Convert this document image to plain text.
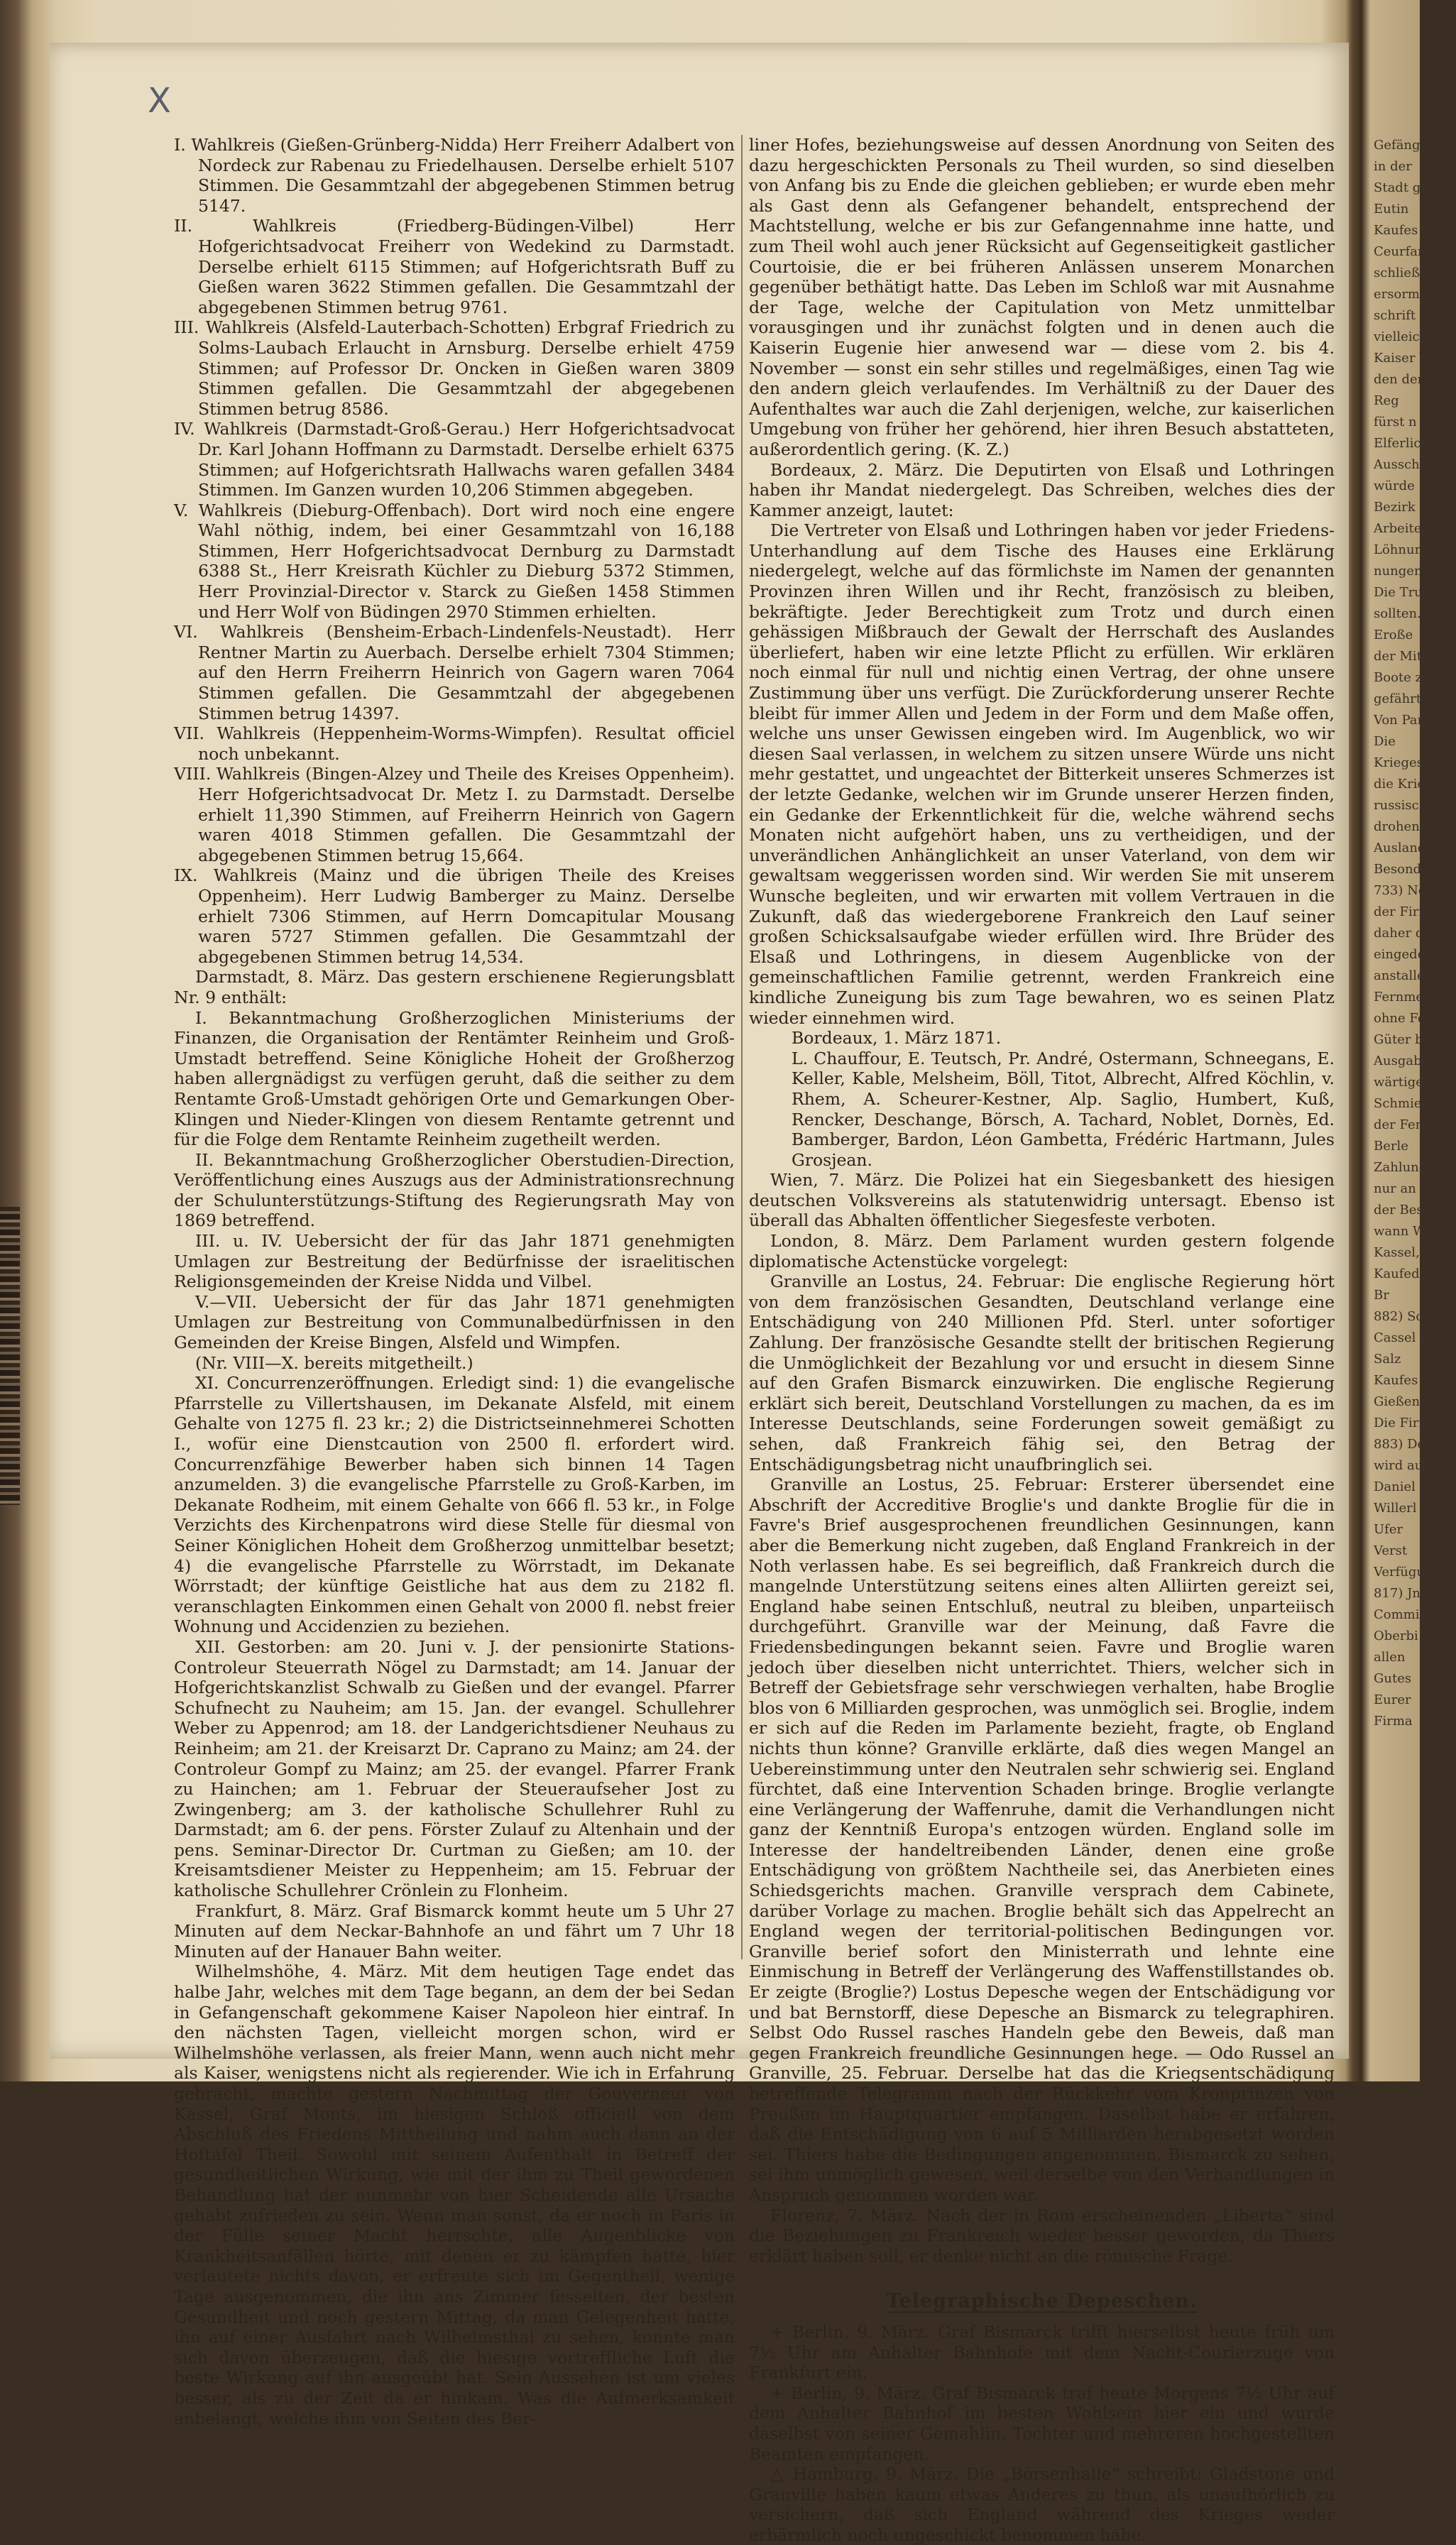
X

I. Wahlkreis (Gießen-Grünberg-Nidda) Herr Freiherr Adalbert von Nordeck zur Rabenau zu Friedelhausen. Derselbe erhielt 5107 Stimmen. Die Gesammtzahl der abgegebenen Stimmen betrug 5147.

II. Wahlkreis (Friedberg-Büdingen-Vilbel) Herr Hofgerichtsadvocat Freiherr von Wedekind zu Darmstadt. Derselbe erhielt 6115 Stimmen; auf Hofgerichtsrath Buff zu Gießen waren 3622 Stimmen gefallen. Die Gesammtzahl der abgegebenen Stimmen betrug 9761.

III. Wahlkreis (Alsfeld-Lauterbach-Schotten) Erbgraf Friedrich zu Solms-Laubach Erlaucht in Arnsburg. Derselbe erhielt 4759 Stimmen; auf Professor Dr. Oncken in Gießen waren 3809 Stimmen gefallen. Die Gesammtzahl der abgegebenen Stimmen betrug 8586.

IV. Wahlkreis (Darmstadt-Groß-Gerau.) Herr Hofgerichtsadvocat Dr. Karl Johann Hoffmann zu Darmstadt. Derselbe erhielt 6375 Stimmen; auf Hofgerichtsrath Hallwachs waren gefallen 3484 Stimmen. Im Ganzen wurden 10,206 Stimmen abgegeben.

V. Wahlkreis (Dieburg-Offenbach). Dort wird noch eine engere Wahl nöthig, indem, bei einer Gesammtzahl von 16,188 Stimmen, Herr Hofgerichtsadvocat Dernburg zu Darmstadt 6388 St., Herr Kreisrath Küchler zu Dieburg 5372 Stimmen, Herr Provinzial-Director v. Starck zu Gießen 1458 Stimmen und Herr Wolf von Büdingen 2970 Stimmen erhielten.

VI. Wahlkreis (Bensheim-Erbach-Lindenfels-Neustadt). Herr Rentner Martin zu Auerbach. Derselbe erhielt 7304 Stimmen; auf den Herrn Freiherrn Heinrich von Gagern waren 7064 Stimmen gefallen. Die Gesammtzahl der abgegebenen Stimmen betrug 14397.

VII. Wahlkreis (Heppenheim-Worms-Wimpfen). Resultat officiel noch unbekannt.

VIII. Wahlkreis (Bingen-Alzey und Theile des Kreises Oppenheim). Herr Hofgerichtsadvocat Dr. Metz I. zu Darmstadt. Derselbe erhielt 11,390 Stimmen, auf Freiherrn Heinrich von Gagern waren 4018 Stimmen gefallen. Die Gesammtzahl der abgegebenen Stimmen betrug 15,664.

IX. Wahlkreis (Mainz und die übrigen Theile des Kreises Oppenheim). Herr Ludwig Bamberger zu Mainz. Derselbe erhielt 7306 Stimmen, auf Herrn Domcapitular Mousang waren 5727 Stimmen gefallen. Die Gesammtzahl der abgegebenen Stimmen betrug 14,534.

Darmstadt, 8. März. Das gestern erschienene Regierungsblatt Nr. 9 enthält:

I. Bekanntmachung Großherzoglichen Ministeriums der Finanzen, die Organisation der Rentämter Reinheim und Groß-Umstadt betreffend. Seine Königliche Hoheit der Großherzog haben allergnädigst zu verfügen geruht, daß die seither zu dem Rentamte Groß-Umstadt gehörigen Orte und Gemarkungen Ober-Klingen und Nieder-Klingen von diesem Rentamte getrennt und für die Folge dem Rentamte Reinheim zugetheilt werden.

II. Bekanntmachung Großherzoglicher Oberstudien-Direction, Veröffentlichung eines Auszugs aus der Administrationsrechnung der Schulunterstützungs-Stiftung des Regierungsrath May von 1869 betreffend.

III. u. IV. Uebersicht der für das Jahr 1871 genehmigten Umlagen zur Bestreitung der Bedürfnisse der israelitischen Religionsgemeinden der Kreise Nidda und Vilbel.

V.—VII. Uebersicht der für das Jahr 1871 genehmigten Umlagen zur Bestreitung von Communalbedürfnissen in den Gemeinden der Kreise Bingen, Alsfeld und Wimpfen.

(Nr. VIII—X. bereits mitgetheilt.)

XI. Concurrenzeröffnungen. Erledigt sind: 1) die evangelische Pfarrstelle zu Villertshausen, im Dekanate Alsfeld, mit einem Gehalte von 1275 fl. 23 kr.; 2) die Districtseinnehmerei Schotten I., wofür eine Dienstcaution von 2500 fl. erfordert wird. Concurrenzfähige Bewerber haben sich binnen 14 Tagen anzumelden. 3) die evangelische Pfarrstelle zu Groß-Karben, im Dekanate Rodheim, mit einem Gehalte von 666 fl. 53 kr., in Folge Verzichts des Kirchenpatrons wird diese Stelle für diesmal von Seiner Königlichen Hoheit dem Großherzog unmittelbar besetzt; 4) die evangelische Pfarrstelle zu Wörrstadt, im Dekanate Wörrstadt; der künftige Geistliche hat aus dem zu 2182 fl. veranschlagten Einkommen einen Gehalt von 2000 fl. nebst freier Wohnung und Accidenzien zu beziehen.

XII. Gestorben: am 20. Juni v. J. der pensionirte Stations-Controleur Steuerrath Nögel zu Darmstadt; am 14. Januar der Hofgerichtskanzlist Schwalb zu Gießen und der evangel. Pfarrer Schufnecht zu Nauheim; am 15. Jan. der evangel. Schullehrer Weber zu Appenrod; am 18. der Landgerichtsdiener Neuhaus zu Reinheim; am 21. der Kreisarzt Dr. Caprano zu Mainz; am 24. der Controleur Gompf zu Mainz; am 25. der evangel. Pfarrer Frank zu Hainchen; am 1. Februar der Steueraufseher Jost zu Zwingenberg; am 3. der katholische Schullehrer Ruhl zu Darmstadt; am 6. der pens. Förster Zulauf zu Altenhain und der pens. Seminar-Director Dr. Curtman zu Gießen; am 10. der Kreisamtsdiener Meister zu Heppenheim; am 15. Februar der katholische Schullehrer Crönlein zu Flonheim.

Frankfurt, 8. März. Graf Bismarck kommt heute um 5 Uhr 27 Minuten auf dem Neckar-Bahnhofe an und fährt um 7 Uhr 18 Minuten auf der Hanauer Bahn weiter.

Wilhelmshöhe, 4. März. Mit dem heutigen Tage endet das halbe Jahr, welches mit dem Tage begann, an dem der bei Sedan in Gefangenschaft gekommene Kaiser Napoleon hier eintraf. In den nächsten Tagen, vielleicht morgen schon, wird er Wilhelmshöhe verlassen, als freier Mann, wenn auch nicht mehr als Kaiser, wenigstens nicht als regierender. Wie ich in Erfahrung gebracht, machte gestern Nachmittag der Gouverneur von Kassel, Graf Monts, im hiesigen Schloß officiell von dem Abschluß des Friedens Mittheilung und nahm auch dann an der Hoftafel Theil. Sowohl mit seinem Aufenthalt in Betreff der gesundheitlichen Wirkung, wie mit der ihm zu Theil gewordenen Behandlung hat der nunmehr von hier Scheidende alle Ursache gehabt zufrieden zu sein. Wenn man sonst, da er noch in Paris in der Fülle seiner Macht herrschte, alle Augenblicke von Krankheitsanfällen hörte, mit denen er zu kämpfen hatte, hier verlautete nichts davon, er erfreute sich im Gegentheil, wenige Tage ausgenommen, die ihn ans Zimmer fesselten, der besten Gesundheit und noch gestern Mittag, da man Gelegenheit hatte, ihn auf einer Ausfahrt nach Wilhelmsthal zu sehen, konnte man sich davon überzeugen, daß die hiesige vortreffliche Luft die beste Wirkung auf ihn ausgeübt hat. Sein Aussehen ist um vieles besser, als zu der Zeit da er hinkam. Was die Aufmerksamkeit anbelangt, welche ihm von Seiten des Ber-

liner Hofes, beziehungsweise auf dessen Anordnung von Seiten des dazu hergeschickten Personals zu Theil wurden, so sind dieselben von Anfang bis zu Ende die gleichen geblieben; er wurde eben mehr als Gast denn als Gefangener behandelt, entsprechend der Machtstellung, welche er bis zur Gefangennahme inne hatte, und zum Theil wohl auch jener Rücksicht auf Gegenseitigkeit gastlicher Courtoisie, die er bei früheren Anlässen unserem Monarchen gegenüber bethätigt hatte. Das Leben im Schloß war mit Ausnahme der Tage, welche der Capitulation von Metz unmittelbar vorausgingen und ihr zunächst folgten und in denen auch die Kaiserin Eugenie hier anwesend war — diese vom 2. bis 4. November — sonst ein sehr stilles und regelmäßiges, einen Tag wie den andern gleich verlaufendes. Im Verhältniß zu der Dauer des Aufenthaltes war auch die Zahl derjenigen, welche, zur kaiserlichen Umgebung von früher her gehörend, hier ihren Besuch abstatteten, außerordentlich gering. (K. Z.)

Bordeaux, 2. März. Die Deputirten von Elsaß und Lothringen haben ihr Mandat niedergelegt. Das Schreiben, welches dies der Kammer anzeigt, lautet:

Die Vertreter von Elsaß und Lothringen haben vor jeder Friedens-Unterhandlung auf dem Tische des Hauses eine Erklärung niedergelegt, welche auf das förmlichste im Namen der genannten Provinzen ihren Willen und ihr Recht, französisch zu bleiben, bekräftigte. Jeder Berechtigkeit zum Trotz und durch einen gehässigen Mißbrauch der Gewalt der Herrschaft des Auslandes überliefert, haben wir eine letzte Pflicht zu erfüllen. Wir erklären noch einmal für null und nichtig einen Vertrag, der ohne unsere Zustimmung über uns verfügt. Die Zurückforderung unserer Rechte bleibt für immer Allen und Jedem in der Form und dem Maße offen, welche uns unser Gewissen eingeben wird. Im Augenblick, wo wir diesen Saal verlassen, in welchem zu sitzen unsere Würde uns nicht mehr gestattet, und ungeachtet der Bitterkeit unseres Schmerzes ist der letzte Gedanke, welchen wir im Grunde unserer Herzen finden, ein Gedanke der Erkenntlichkeit für die, welche während sechs Monaten nicht aufgehört haben, uns zu vertheidigen, und der unverändlichen Anhänglichkeit an unser Vaterland, von dem wir gewaltsam weggerissen worden sind. Wir werden Sie mit unserem Wunsche begleiten, und wir erwarten mit vollem Vertrauen in die Zukunft, daß das wiedergeborene Frankreich den Lauf seiner großen Schicksalsaufgabe wieder erfüllen wird. Ihre Brüder des Elsaß und Lothringens, in diesem Augenblicke von der gemeinschaftlichen Familie getrennt, werden Frankreich eine kindliche Zuneigung bis zum Tage bewahren, wo es seinen Platz wieder einnehmen wird.

Bordeaux, 1. März 1871.

L. Chauffour, E. Teutsch, Pr. André, Ostermann, Schneegans, E. Keller, Kable, Melsheim, Böll, Titot, Albrecht, Alfred Köchlin, v. Rhem, A. Scheurer-Kestner, Alp. Saglio, Humbert, Kuß, Rencker, Deschange, Börsch, A. Tachard, Noblet, Dornès, Ed. Bamberger, Bardon, Léon Gambetta, Frédéric Hartmann, Jules Grosjean.

Wien, 7. März. Die Polizei hat ein Siegesbankett des hiesigen deutschen Volksvereins als statutenwidrig untersagt. Ebenso ist überall das Abhalten öffentlicher Siegesfeste verboten.

London, 8. März. Dem Parlament wurden gestern folgende diplomatische Actenstücke vorgelegt:

Granville an Lostus, 24. Februar: Die englische Regierung hört von dem französischen Gesandten, Deutschland verlange eine Entschädigung von 240 Millionen Pfd. Sterl. unter sofortiger Zahlung. Der französische Gesandte stellt der britischen Regierung die Unmöglichkeit der Bezahlung vor und ersucht in diesem Sinne auf den Grafen Bismarck einzuwirken. Die englische Regierung erklärt sich bereit, Deutschland Vorstellungen zu machen, da es im Interesse Deutschlands, seine Forderungen soweit gemäßigt zu sehen, daß Frankreich fähig sei, den Betrag der Entschädigungsbetrag nicht unaufbringlich sei.

Granville an Lostus, 25. Februar: Ersterer übersendet eine Abschrift der Accreditive Broglie's und dankte Broglie für die in Favre's Brief ausgesprochenen freundlichen Gesinnungen, kann aber die Bemerkung nicht zugeben, daß England Frankreich in der Noth verlassen habe. Es sei begreiflich, daß Frankreich durch die mangelnde Unterstützung seitens eines alten Alliirten gereizt sei, England habe seinen Entschluß, neutral zu bleiben, unparteiisch durchgeführt. Granville war der Meinung, daß Favre die Friedensbedingungen bekannt seien. Favre und Broglie waren jedoch über dieselben nicht unterrichtet. Thiers, welcher sich in Betreff der Gebietsfrage sehr verschwiegen verhalten, habe Broglie blos von 6 Milliarden gesprochen, was unmöglich sei. Broglie, indem er sich auf die Reden im Parlamente bezieht, fragte, ob England nichts thun könne? Granville erklärte, daß dies wegen Mangel an Uebereinstimmung unter den Neutralen sehr schwierig sei. England fürchtet, daß eine Intervention Schaden bringe. Broglie verlangte eine Verlängerung der Waffenruhe, damit die Verhandlungen nicht ganz der Kenntniß Europa's entzogen würden. England solle im Interesse der handeltreibenden Länder, denen eine große Entschädigung von größtem Nachtheile sei, das Anerbieten eines Schiedsgerichts machen. Granville versprach dem Cabinete, darüber Vorlage zu machen. Broglie behält sich das Appelrecht an England wegen der territorial-politischen Bedingungen vor. Granville berief sofort den Ministerrath und lehnte eine Einmischung in Betreff der Verlängerung des Waffenstillstandes ob. Er zeigte (Broglie?) Lostus Depesche wegen der Entschädigung vor und bat Bernstorff, diese Depesche an Bismarck zu telegraphiren. Selbst Odo Russel rasches Handeln gebe den Beweis, daß man gegen Frankreich freundliche Gesinnungen hege. — Odo Russel an Granville, 25. Februar. Derselbe hat das die Kriegsentschädigung betreffende Telegramm nach der Rückkehr vom Kronprinzen von Preußen im Hauptquartier empfangen. Daselbst habe er erfahren, daß die Entschädigung von 6 auf 5 Milliarden herabgesetzt worden sei. Thiers habe die Bedingungen angenommen. Bismarck zu sehen, sei ihm unmöglich gewesen, weil derselbe von den Verhandlungen in Anspruch genommen worden war.

Florenz, 7. März. Nach der in Rom erscheinenden „Liberta“ sind die Beziehungen zu Frankreich wieder besser geworden, da Thiers erklärt haben soll, er denke nicht an die römische Frage.

Telegraphische Depeschen.

+ Berlin, 9. März. Graf Bismarck trifft hierselbst heute früh um 7½ Uhr am Anhalter Bahnhofe mit dem Nacht-Courierzuge von Frankfurt ein.

+ Berlin, 9. März. Graf Bismarck traf heute Morgens 7½ Uhr auf dem Anhalter Bahnhof im besten Wohlsein hier ein und wurde daselbst von seiner Gemahlin, Tochter und mehreren hochgestellten Beamten empfangen.

△ Hamburg, 9. März. Die „Börsenhalle“ schreibt: Gladstone und Granville haben kaum etwas Anderes zu thun, als unaufhörlich zu versichern, daß sich England während des Krieges weder erbärmlich noch ungeschickt benommen habe.

Gefäng
in der
Stadt ge
Eutin
Kaufes
Ceurfamt
schließliche
ersorm
schrift
vielleicht
Kaiser Wi
den der
Reg
fürst n
Elferlich
Ausschlee
würde
Bezirk
Arbeitersch
Löhnungse
nungen
Die Trupp
sollten.
Eroße
der Mittel
Boote zu
gefährt
Von Paris
Die
Krieges
die Krieger
russischen
drohende
Ausland
Besond
733) No
der Firma
daher das
eingedeut
anstallen
Fernmeise
ohne Forde
Güter bei
Ausgabe
wärtigen
Schmiede
der Fens
Berle
Zahlung
nur an den
der Beschäft
wann Wei
Kassel,
Kaufeda
Br
882) Som
Cassel erst
Salz
Kaufes
Gießen
Die Firma
883) Der
wird auf
Daniel
Willerl
Ufer
Verst
Verfügung
817) Jn
Commiss
Oberbi
allen
Gutes
Eurer
Firma
